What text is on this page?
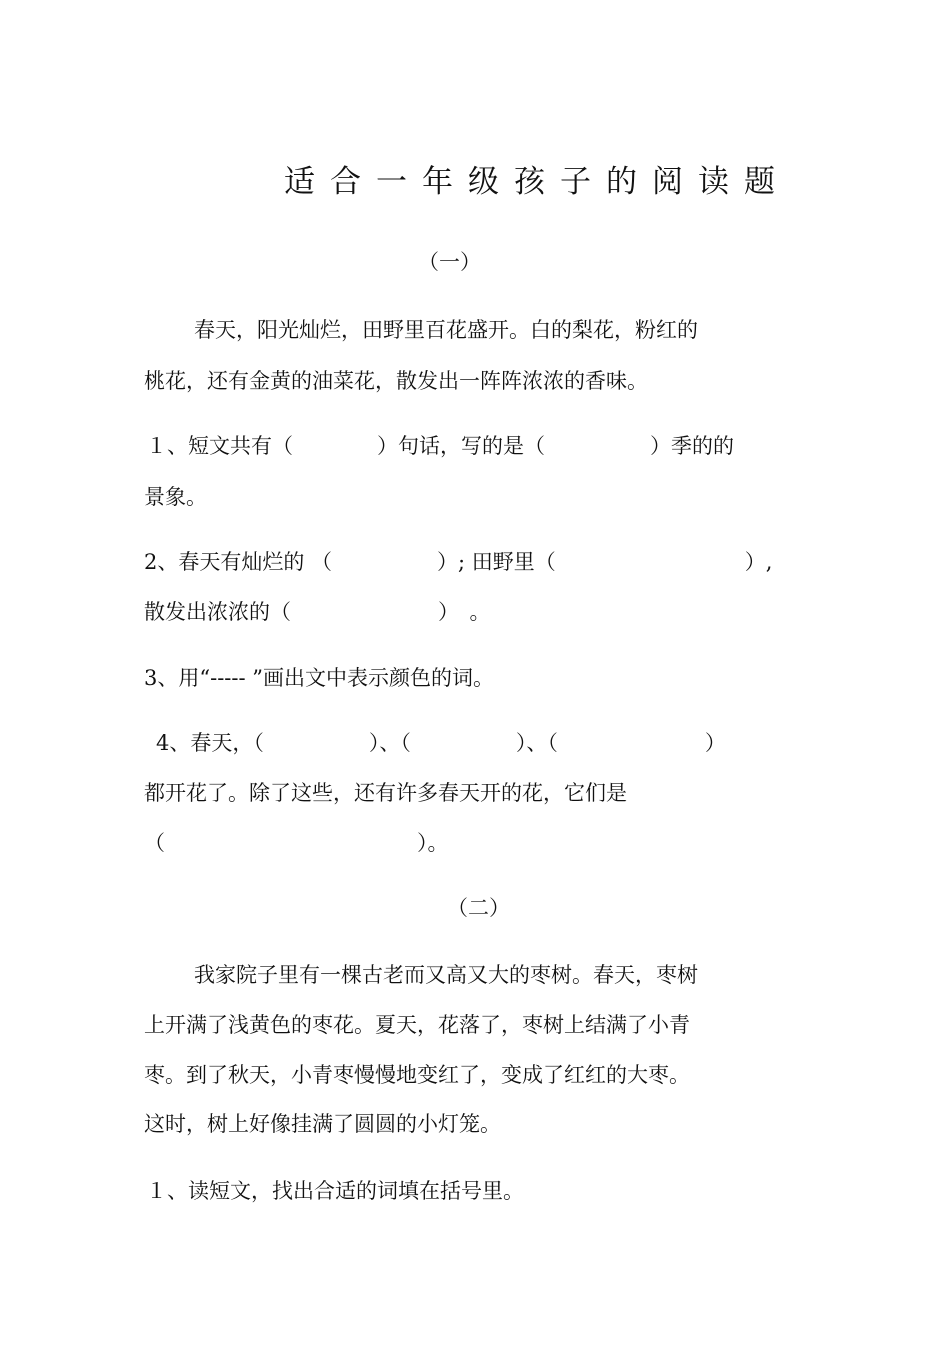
适合一年级孩子的阅读题
（一）
春天，阳光灿烂，田野里百花盛开。白的梨花，粉红的
桃花，还有金黄的油菜花，散发出一阵阵浓浓的香味。
１、短文共有（　　　　）句话，写的是（　　　　　）季的的
景象。
2、春天有灿烂的 （　　　　　）; 田野里（　　　　　　　　　）,
散发出浓浓的（　　　　　　　）　。
3、用“----- ”画出文中表示颜色的词。
4、春天，（　　　　　）、（　　　　　）、（　　　　　　　）
都开花了。除了这些，还有许多春天开的花，它们是
（　　　　　　　　　　　　）。
（二）
我家院子里有一棵古老而又高又大的枣树。春天，枣树
上开满了浅黄色的枣花。夏天，花落了，枣树上结满了小青
枣。到了秋天，小青枣慢慢地变红了，变成了红红的大枣。
这时，树上好像挂满了圆圆的小灯笼。
１、读短文，找出合适的词填在括号里。
